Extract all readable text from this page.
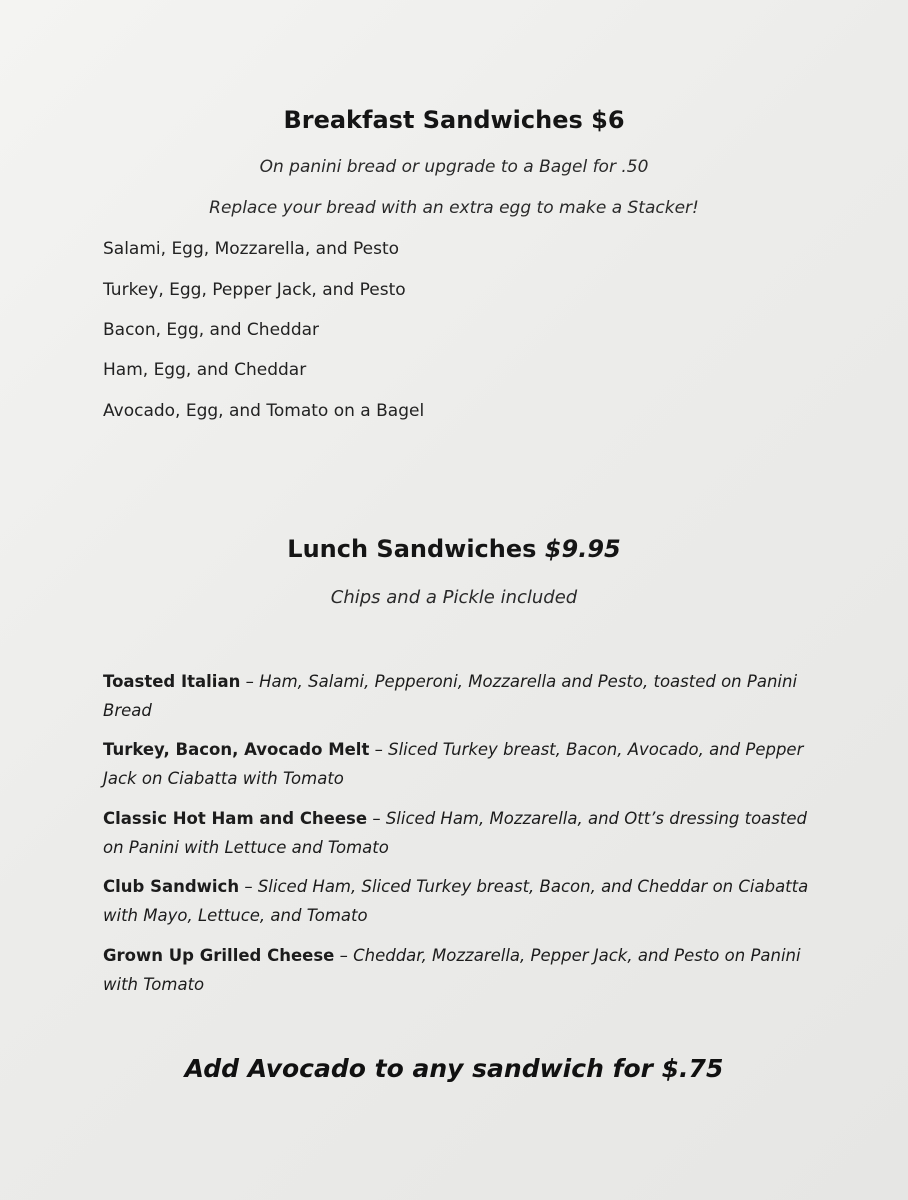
Breakfast Sandwiches $6
On panini bread or upgrade to a Bagel for .50
Replace your bread with an extra egg to make a Stacker!
Salami, Egg, Mozzarella, and Pesto
Turkey, Egg, Pepper Jack, and Pesto
Bacon, Egg, and Cheddar
Ham, Egg, and Cheddar
Avocado, Egg, and Tomato on a Bagel
Lunch Sandwiches $9.95
Chips and a Pickle included
Toasted Italian – Ham, Salami, Pepperoni, Mozzarella and Pesto, toasted on Panini Bread
Turkey, Bacon, Avocado Melt – Sliced Turkey breast, Bacon, Avocado, and Pepper Jack on Ciabatta with Tomato
Classic Hot Ham and Cheese – Sliced Ham, Mozzarella, and Ott’s dressing toasted on Panini with Lettuce and Tomato
Club Sandwich – Sliced Ham, Sliced Turkey breast, Bacon, and Cheddar on Ciabatta with Mayo, Lettuce, and Tomato
Grown Up Grilled Cheese – Cheddar, Mozzarella, Pepper Jack, and Pesto on Panini with Tomato
Add Avocado to any sandwich for $.75
